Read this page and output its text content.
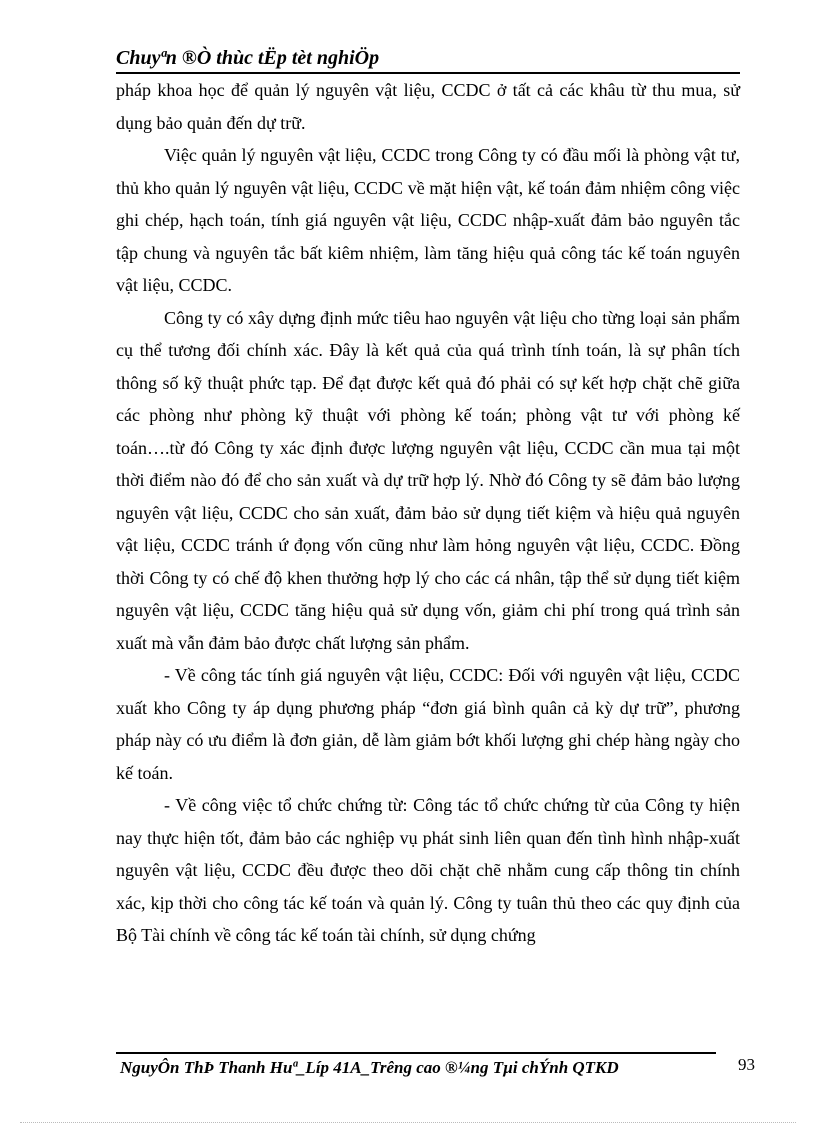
Chuyªn ®Ò thùc tËp tèt nghiÖp

pháp khoa học để quản lý nguyên vật liệu, CCDC ở tất cả các khâu từ thu mua, sử dụng bảo quản đến dự trữ.

Việc quản lý nguyên vật liệu, CCDC trong Công ty có đầu mối là phòng vật tư, thủ kho quản lý nguyên vật liệu, CCDC về mặt hiện vật, kế toán đảm nhiệm công việc ghi chép, hạch toán, tính giá nguyên vật liệu, CCDC nhập-xuất đảm bảo nguyên tắc tập chung và nguyên tắc bất kiêm nhiệm, làm tăng hiệu quả công tác kế toán nguyên vật liệu, CCDC.

Công ty có xây dựng định mức tiêu hao nguyên vật liệu cho từng loại sản phẩm cụ thể tương đối chính xác. Đây là kết quả của quá trình tính toán, là sự phân tích thông số kỹ thuật phức tạp. Để đạt được kết quả đó phải có sự kết hợp chặt chẽ giữa các phòng như phòng kỹ thuật với phòng kế toán; phòng vật tư với phòng kế toán….từ đó Công ty xác định được lượng nguyên vật liệu, CCDC cần mua tại một thời điểm nào đó để cho sản xuất và dự trữ hợp lý. Nhờ đó Công ty sẽ đảm bảo lượng nguyên vật liệu, CCDC cho sản xuất, đảm bảo sử dụng tiết kiệm và hiệu quả nguyên vật liệu, CCDC tránh ứ đọng vốn cũng như làm hỏng nguyên vật liệu, CCDC. Đồng thời Công ty có chế độ khen thưởng hợp lý cho các cá nhân, tập thể sử dụng tiết kiệm nguyên vật liệu, CCDC tăng hiệu quả sử dụng vốn, giảm chi phí trong quá trình sản xuất mà vẫn đảm bảo được chất lượng sản phẩm.

- Về công tác tính giá nguyên vật liệu, CCDC: Đối với nguyên vật liệu, CCDC xuất kho Công ty áp dụng phương pháp “đơn giá bình quân cả kỳ dự trữ”, phương pháp này có ưu điểm là đơn giản, dễ làm giảm bớt khối lượng ghi chép hàng ngày cho kế toán.

- Về công việc tổ chức chứng từ: Công tác tổ chức chứng từ của Công ty hiện nay thực hiện tốt, đảm bảo các nghiệp vụ phát sinh liên quan đến tình hình nhập-xuất nguyên vật liệu, CCDC đều được theo dõi chặt chẽ nhằm cung cấp thông tin chính xác, kịp thời cho công tác kế toán và quản lý. Công ty tuân thủ theo các quy định của Bộ Tài chính về công tác kế toán tài chính, sử dụng chứng

NguyÔn ThÞ Thanh Huª_Líp 41A_Trêng cao ®¼ng Tµi chÝnh QTKD	93
